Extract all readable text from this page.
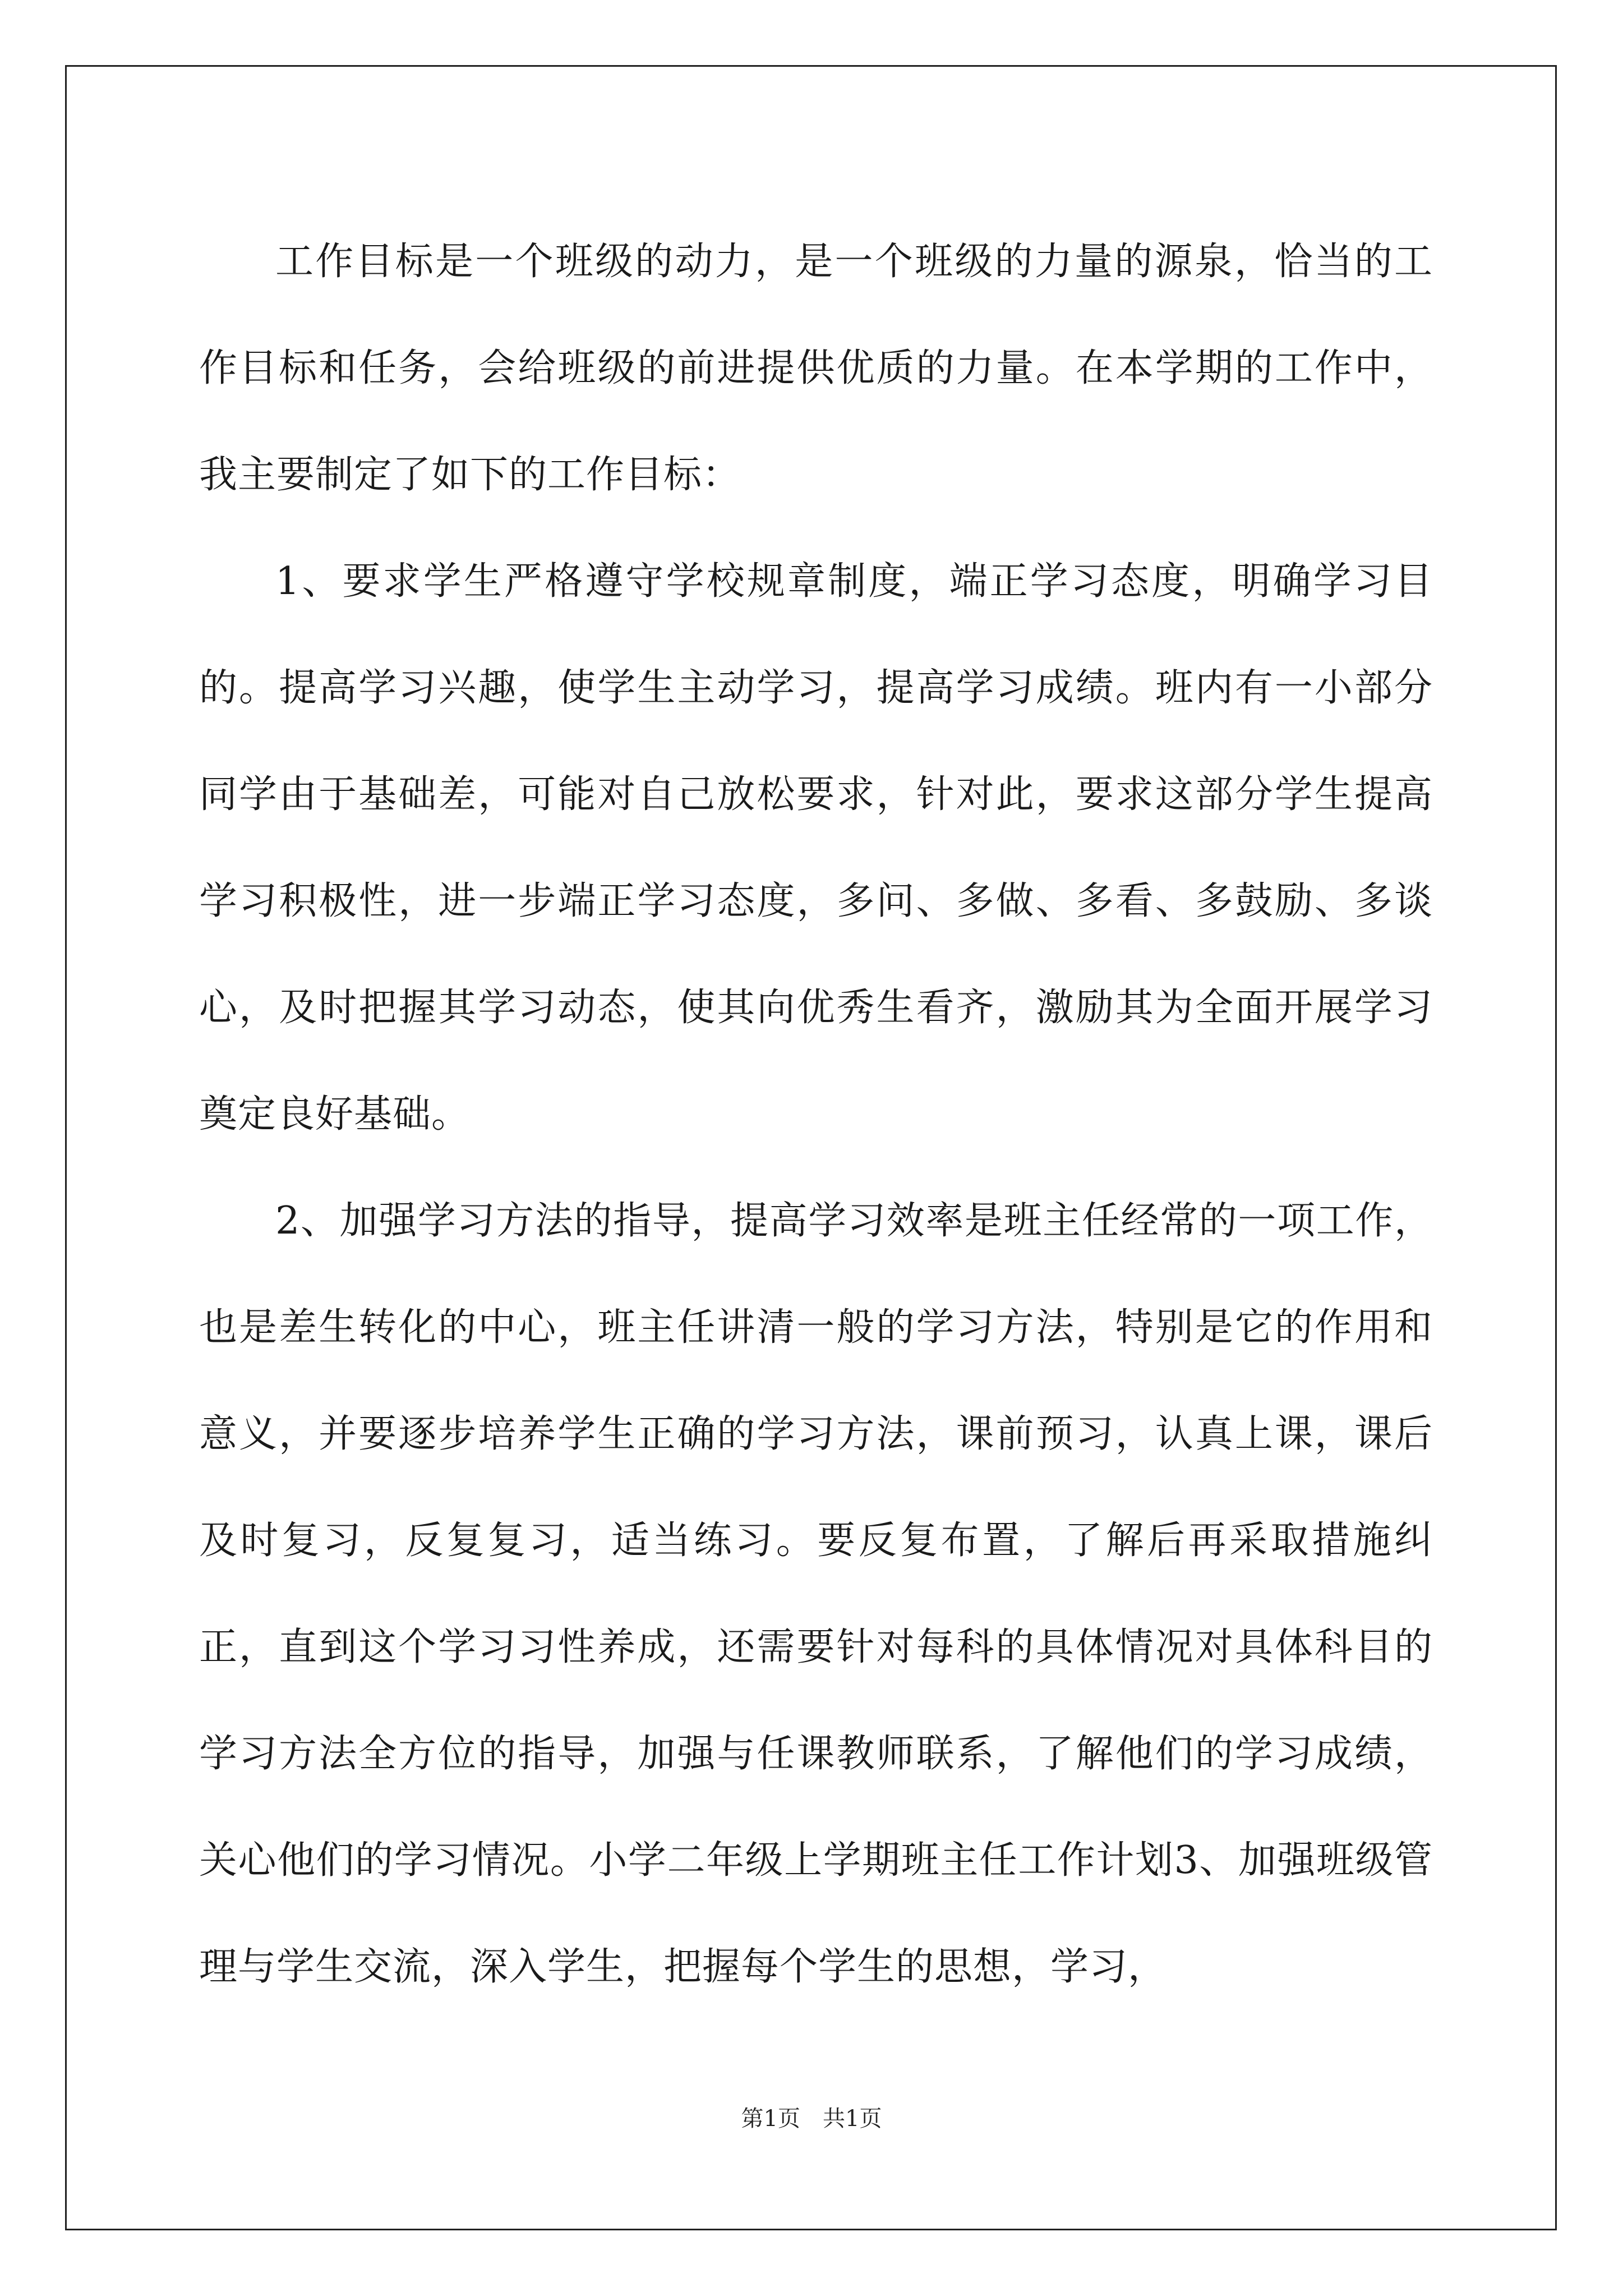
工作目标是一个班级的动力，是一个班级的力量的源泉，恰当的工作目标和任务，会给班级的前进提供优质的力量。在本学期的工作中，我主要制定了如下的工作目标：

1、要求学生严格遵守学校规章制度，端正学习态度，明确学习目的。提高学习兴趣，使学生主动学习，提高学习成绩。班内有一小部分同学由于基础差，可能对自己放松要求，针对此，要求这部分学生提高学习积极性，进一步端正学习态度，多问、多做、多看、多鼓励、多谈心，及时把握其学习动态，使其向优秀生看齐，激励其为全面开展学习奠定良好基础。

2、加强学习方法的指导，提高学习效率是班主任经常的一项工作，也是差生转化的中心，班主任讲清一般的学习方法，特别是它的作用和意义，并要逐步培养学生正确的学习方法，课前预习，认真上课，课后及时复习，反复复习，适当练习。要反复布置，了解后再采取措施纠正，直到这个学习习性养成，还需要针对每科的具体情况对具体科目的学习方法全方位的指导，加强与任课教师联系，了解他们的学习成绩，关心他们的学习情况。小学二年级上学期班主任工作计划3、加强班级管理与学生交流，深入学生，把握每个学生的思想，学习，

第1页　共1页
